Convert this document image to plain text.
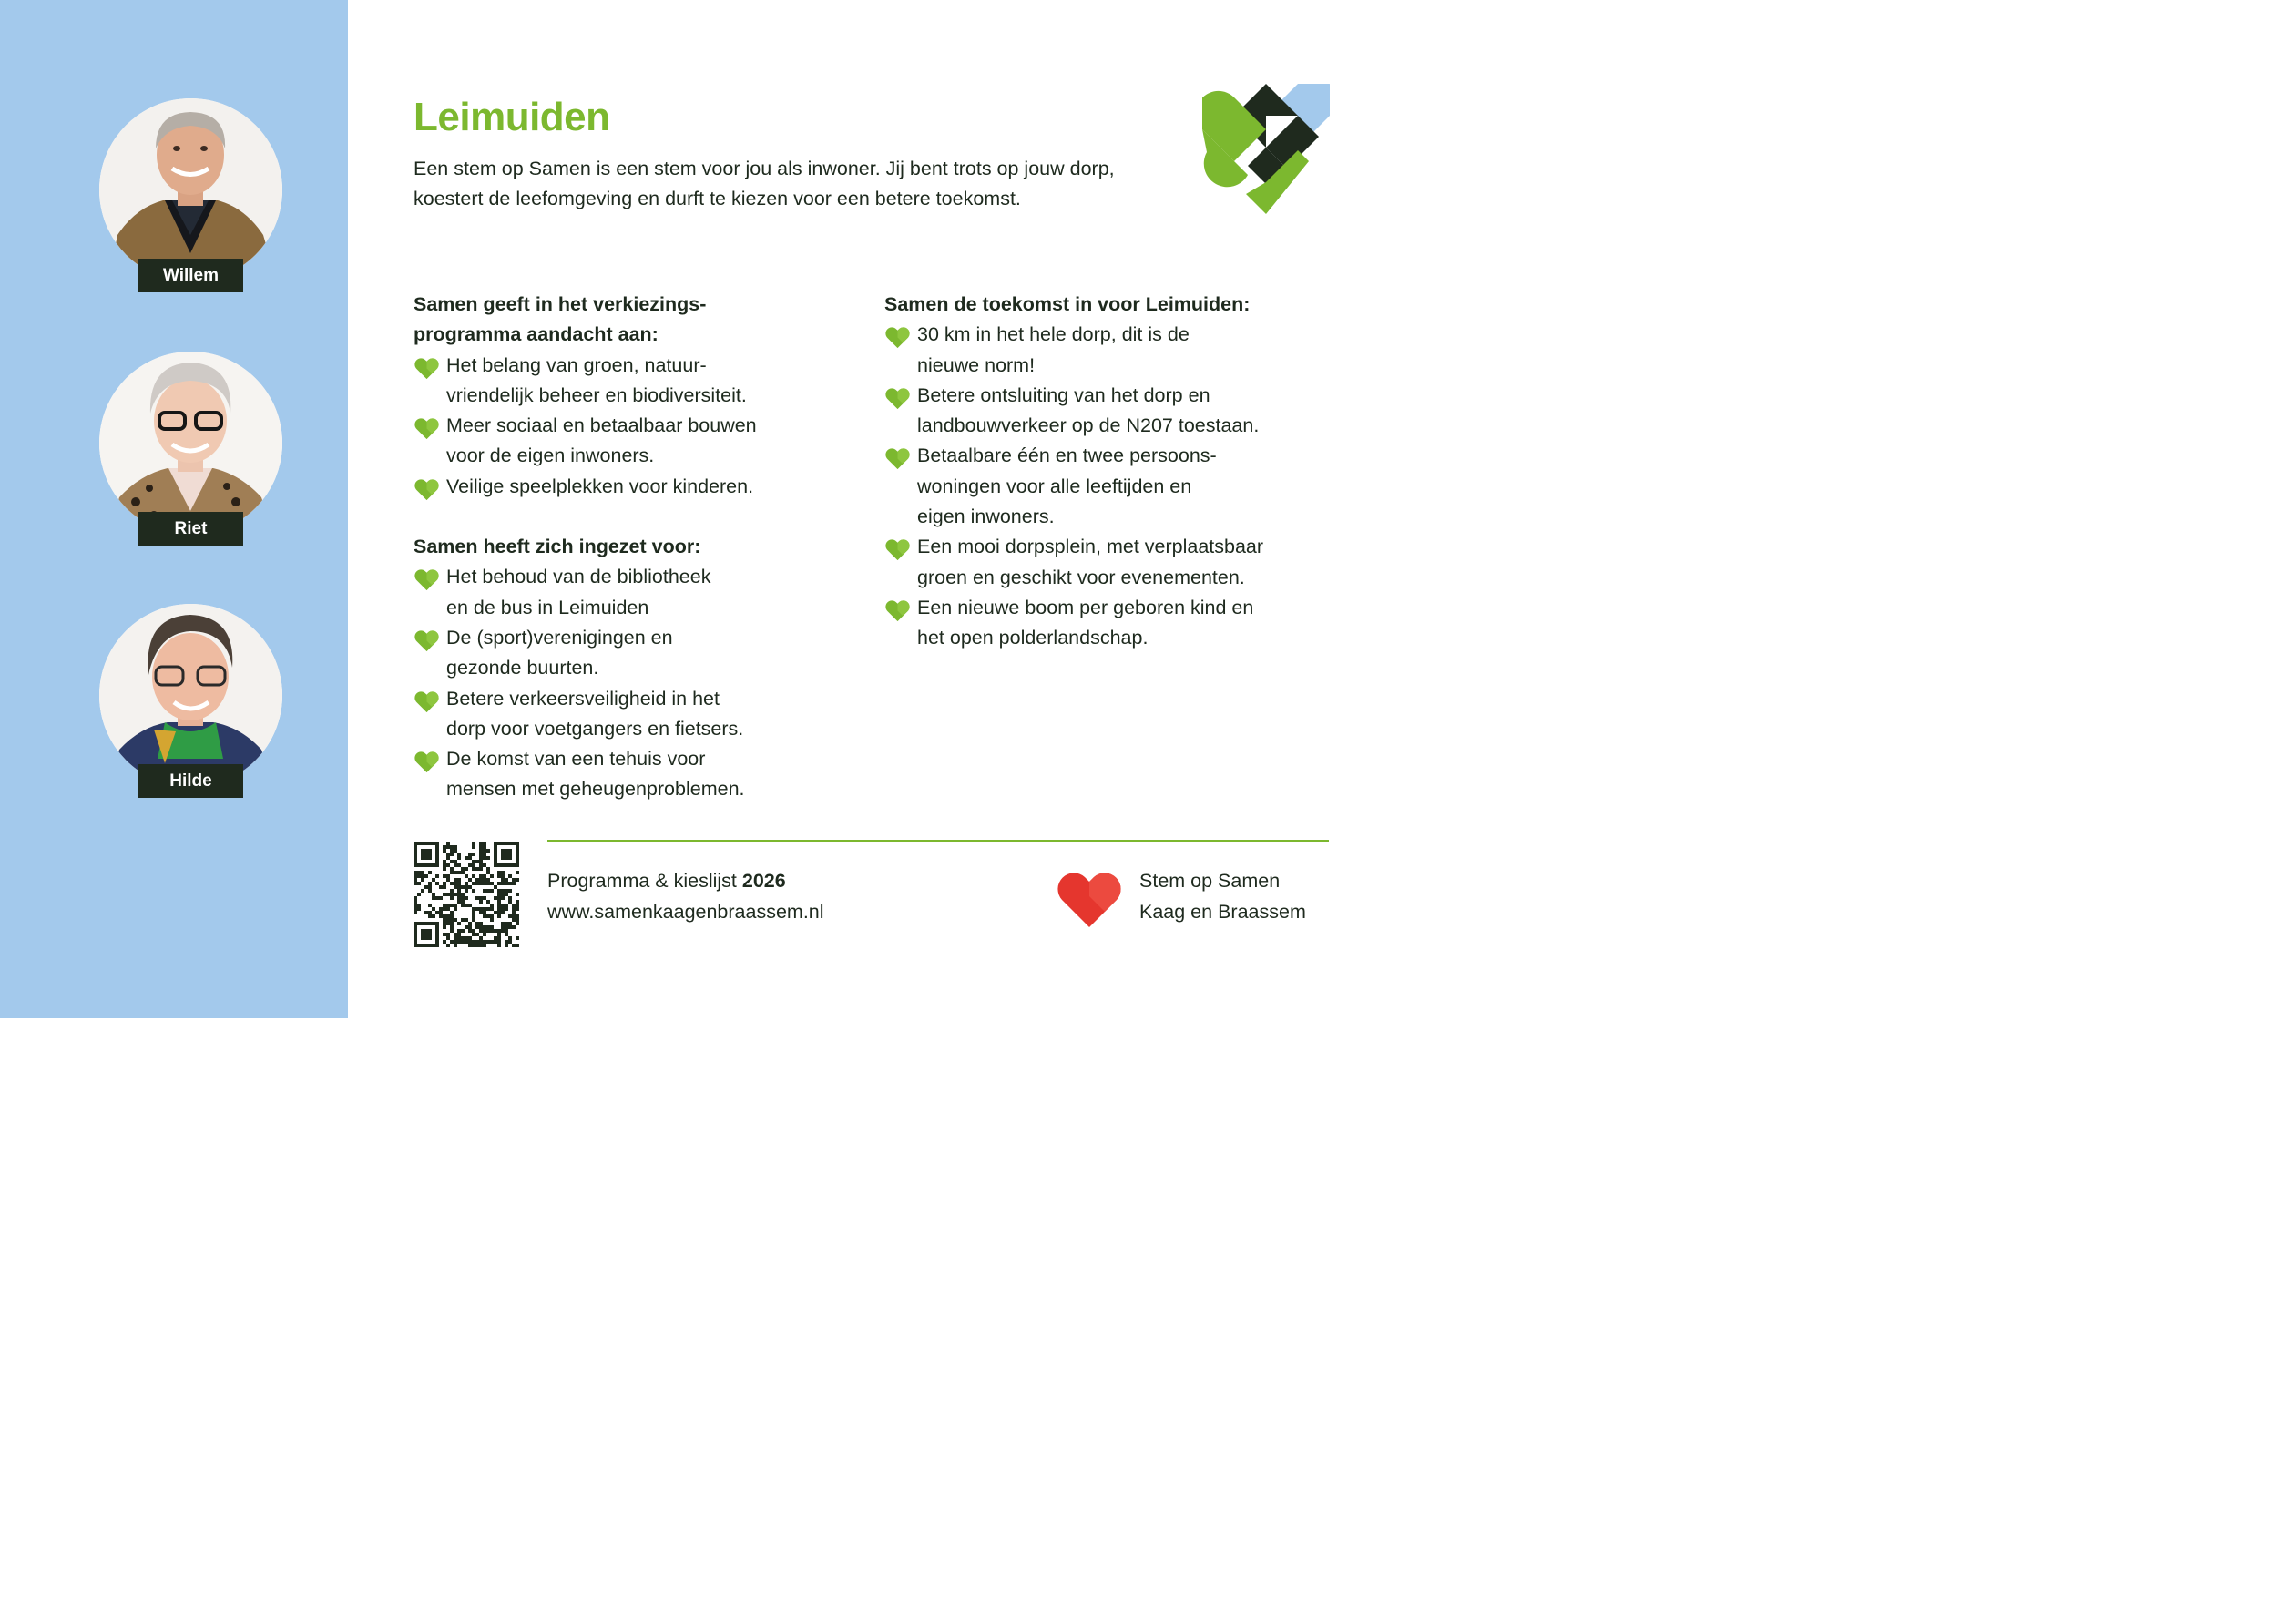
Willem
Riet
Hilde
Leimuiden
Een stem op Samen is een stem voor jou als inwoner. Jij bent trots op jouw dorp, koestert de leefomgeving en durft te kiezen voor een betere toekomst.
Samen geeft in het verkiezings-
programma aandacht aan:
Het belang van groen, natuur-
vriendelijk beheer en biodiversiteit.
Meer sociaal en betaalbaar bouwen
voor de eigen inwoners.
Veilige speelplekken voor kinderen.
Samen heeft zich ingezet voor:
Het behoud van de bibliotheek
en de bus in Leimuiden
De (sport)verenigingen en
gezonde buurten.
Betere verkeersveiligheid in het
dorp voor voetgangers en fietsers.
De komst van een tehuis voor
mensen met geheugenproblemen.
Samen de toekomst in voor Leimuiden:
30 km in het hele dorp, dit is de
nieuwe norm!
Betere ontsluiting van het dorp en
landbouwverkeer op de N207 toestaan.
Betaalbare één en twee persoons-
woningen voor alle leeftijden en
eigen inwoners.
Een mooi dorpsplein, met verplaatsbaar
groen en geschikt voor evenementen.
Een nieuwe boom per geboren kind en
het open polderlandschap.
Programma & kieslijst 2026
www.samenkaagenbraassem.nl
Stem op Samen
Kaag en Braassem
